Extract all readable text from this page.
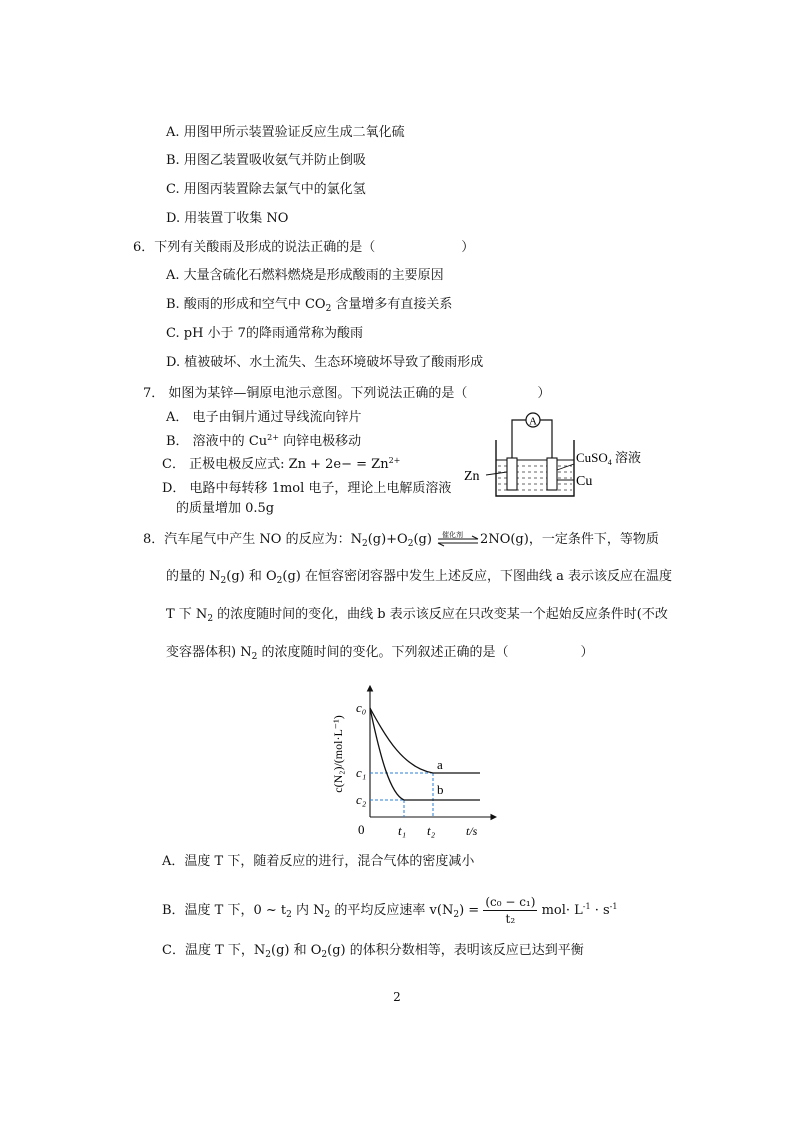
A. 用图甲所示装置验证反应生成二氧化硫
B. 用图乙装置吸收氨气并防止倒吸
C. 用图丙装置除去氯气中的氯化氢
D. 用装置丁收集 NO
6．下列有关酸雨及形成的说法正确的是（	）
A. 大量含硫化石燃料燃烧是形成酸雨的主要原因
B. 酸雨的形成和空气中 $CO_2$ 含量增多有直接关系
C. pH 小于 7的降雨通常称为酸雨
D. 植被破坏、水土流失、生态环境破坏导致了酸雨形成
7． 如图为某锌—铜原电池示意图。下列说法正确的是（	）
A． 电子由铜片通过导线流向锌片
B． 溶液中的 $Cu^{2+}$ 向锌电极移动
C． 正极电极反应式: $Zn + 2e- = Zn^{2+}$
D． 电路中每转移 1mol 电子，理论上电解质溶液
的质量增加 0.5g
A
Zn
CuSO$_4$ 溶液
Cu
8．汽车尾气中产生 NO 的反应为：$N_2(g)+O_2(g)$ 催化剂 2NO(g)，一定条件下，等物质
的量的 $N_2(g)$ 和 $O_2(g)$ 在恒容密闭容器中发生上述反应，下图曲线 a 表示该反应在温度
T 下 $N_2$ 的浓度随时间的变化，曲线 b 表示该反应在只改变某一个起始反应条件时(不改
变容器体积) $N_2$ 的浓度随时间的变化。下列叙述正确的是（	）
c(N₂)/(mol·L⁻¹)
c₀
c₁
c₂
0	t₁ t₂	t/s
a
b
A．温度 T 下，随着反应的进行，混合气体的密度减小
B．温度 T 下，0 ~ $t_2$ 内 $N_2$ 的平均反应速率 $v(N_2) = \frac{\text{(c₀ − c₁)}}{\text{t₂}} mol\cdot L^{-1} \cdot s^{-1}$
C．温度 T 下，$N_2(g)$ 和 $O_2(g)$ 的体积分数相等，表明该反应已达到平衡
2
